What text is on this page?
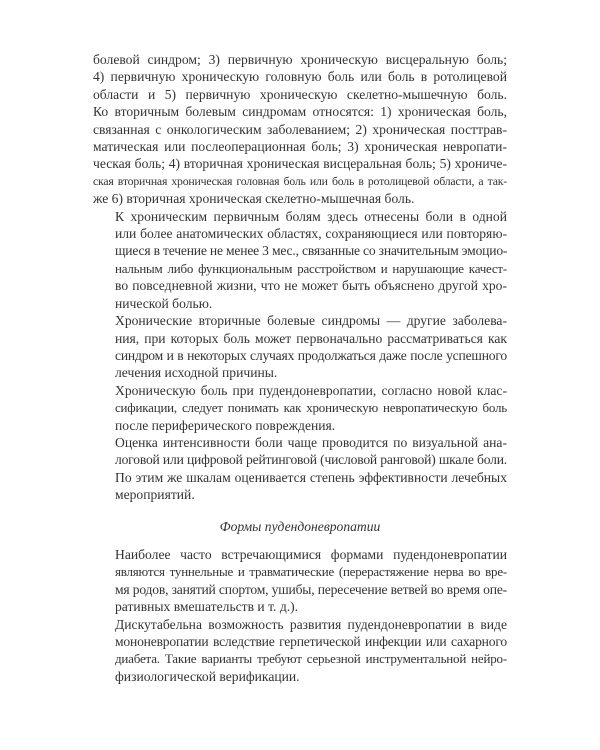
болевой синдром; 3) первичную хроническую висцеральную боль;
4) первичную хроническую головную боль или боль в ротолицевой
области и 5) первичную хроническую скелетно-мышечную боль.
Ко вторичным болевым синдромам относятся: 1) хроническая боль,
связанная с онкологическим заболеванием; 2) хроническая посттрав-
матическая или послеоперационная боль; 3) хроническая невропати-
ческая боль; 4) вторичная хроническая висцеральная боль; 5) хрониче-
ская вторичная хроническая головная боль или боль в ротолицевой области, а так-
же 6) вторичная хроническая скелетно-мышечная боль.

К хроническим первичным болям здесь отнесены боли в одной
или более анатомических областях, сохраняющиеся или повторяю-
щиеся в течение не менее 3 мес., связанные со значительным эмоцио-
нальным либо функциональным расстройством и нарушающие качест-
во повседневной жизни, что не может быть объяснено другой хро-
нической болью.

Хронические вторичные болевые синдромы — другие заболева-
ния, при которых боль может первоначально рассматриваться как
синдром и в некоторых случаях продолжаться даже после успешного
лечения исходной причины.

Хроническую боль при пудендоневропатии, согласно новой клас-
сификации, следует понимать как хроническую невропатическую боль
после периферического повреждения.

Оценка интенсивности боли чаще проводится по визуальной ана-
логовой или цифровой рейтинговой (числовой ранговой) шкале боли.
По этим же шкалам оценивается степень эффективности лечебных
мероприятий.

Формы пудендоневропатии

Наиболее часто встречающимися формами пудендоневропатии
являются туннельные и травматические (перерастяжение нерва во вре-
мя родов, занятий спортом, ушибы, пересечение ветвей во время опе-
ративных вмешательств и т. д.).

Дискутабельна возможность развития пудендоневропатии в виде
мононевропатии вследствие герпетической инфекции или сахарного
диабета. Такие варианты требуют серьезной инструментальной нейро-
физиологической верификации.
